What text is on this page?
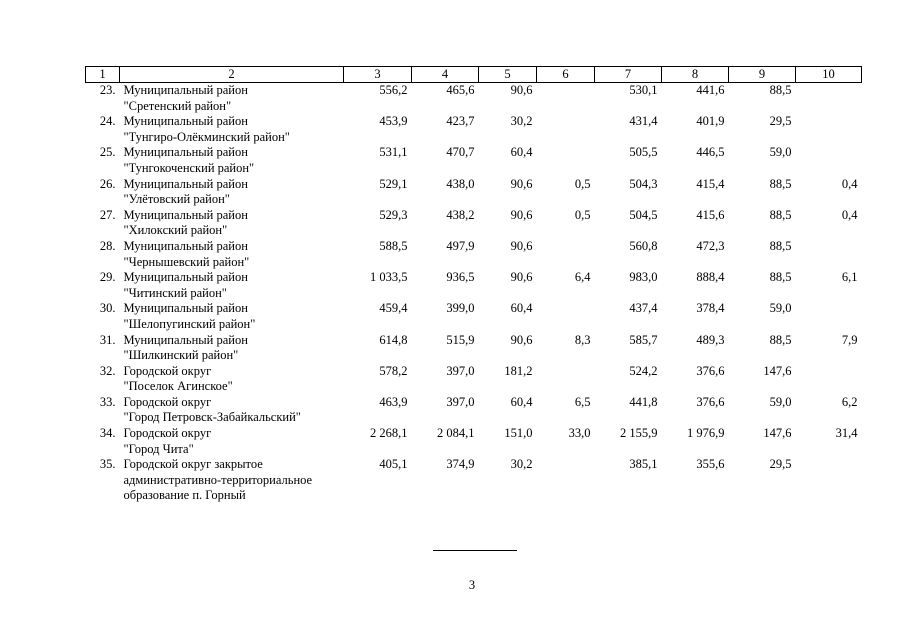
1	2	3	4	5	6	7	8	9	10
23.	Муниципальный район
"Сретенский район"	556,2	465,6	90,6		530,1	441,6	88,5	
24.	Муниципальный район
"Тунгиро-Олёкминский район"	453,9	423,7	30,2		431,4	401,9	29,5	
25.	Муниципальный район
"Тунгокоченский район"	531,1	470,7	60,4		505,5	446,5	59,0	
26.	Муниципальный район
"Улётовский район"	529,1	438,0	90,6	0,5	504,3	415,4	88,5	0,4
27.	Муниципальный район
"Хилокский район"	529,3	438,2	90,6	0,5	504,5	415,6	88,5	0,4
28.	Муниципальный район
"Чернышевский район"	588,5	497,9	90,6		560,8	472,3	88,5	
29.	Муниципальный район
"Читинский район"	1 033,5	936,5	90,6	6,4	983,0	888,4	88,5	6,1
30.	Муниципальный район
"Шелопугинский район"	459,4	399,0	60,4		437,4	378,4	59,0	
31.	Муниципальный район
"Шилкинский район"	614,8	515,9	90,6	8,3	585,7	489,3	88,5	7,9
32.	Городской округ
"Поселок Агинское"	578,2	397,0	181,2		524,2	376,6	147,6	
33.	Городской округ
"Город Петровск-Забайкальский"	463,9	397,0	60,4	6,5	441,8	376,6	59,0	6,2
34.	Городской округ
"Город Чита"	2 268,1	2 084,1	151,0	33,0	2 155,9	1 976,9	147,6	31,4
35.	Городской округ закрытое
административно-территориальное
образование п. Горный	405,1	374,9	30,2		385,1	355,6	29,5	
3
